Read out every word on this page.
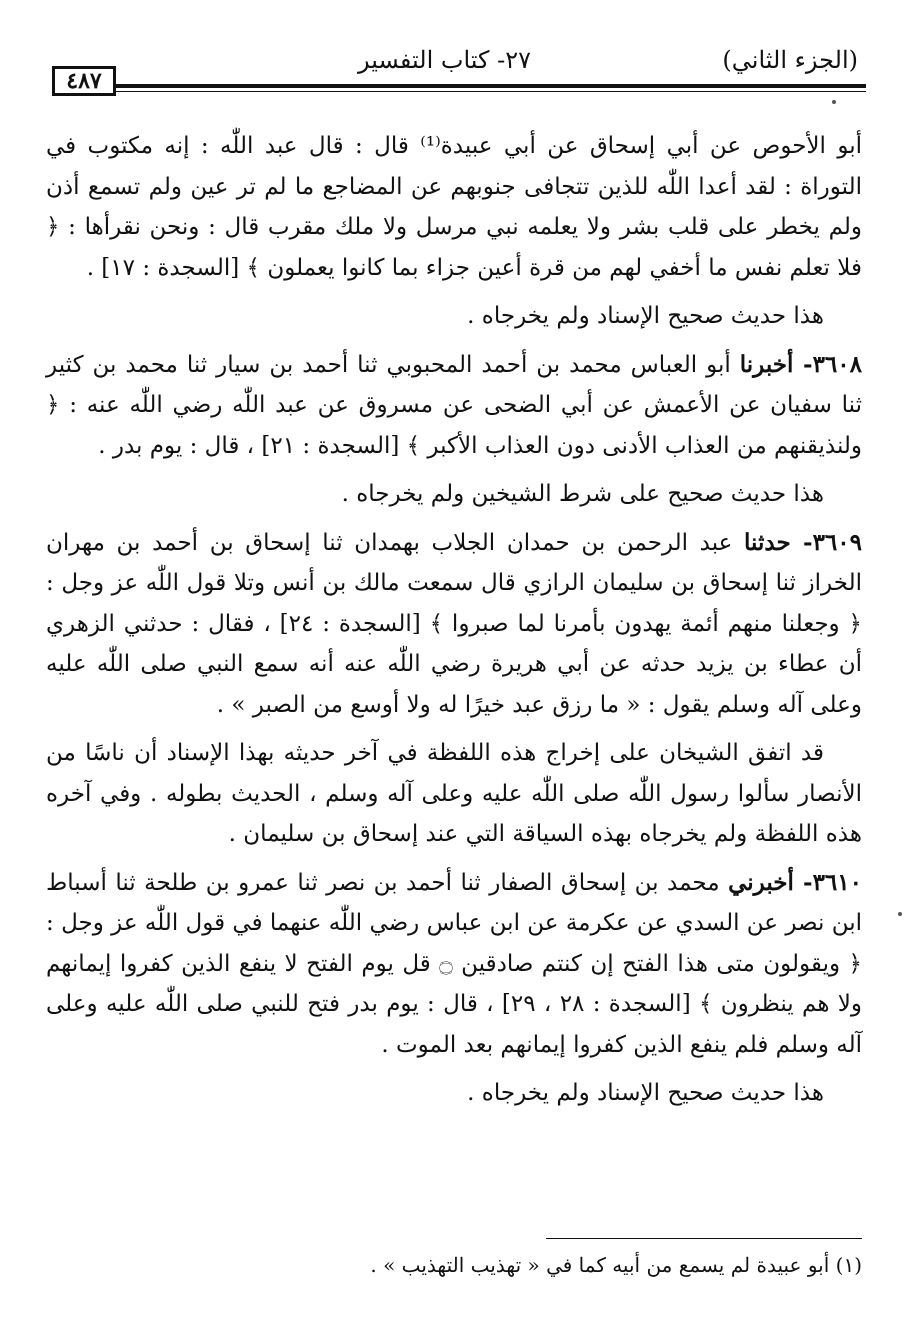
(الجزء الثاني)
٢٧- كتاب التفسير
٤٨٧

أبو الأحوص عن أبي إسحاق عن أبي عبيدة⁽¹⁾ قال : قال عبد اللّٰه : إنه مكتوب في التوراة : لقد أعدا اللّٰه للذين تتجافى جنوبهم عن المضاجع ما لم تر عين ولم تسمع أذن ولم يخطر على قلب بشر ولا يعلمه نبي مرسل ولا ملك مقرب قال : ونحن نقرأها : ﴿ فلا تعلم نفس ما أخفي لهم من قرة أعين جزاء بما كانوا يعملون ﴾ [السجدة : ١٧] .

هذا حديث صحيح الإسناد ولم يخرجاه .

٣٦٠٨- أخبرنا أبو العباس محمد بن أحمد المحبوبي ثنا أحمد بن سيار ثنا محمد بن كثير ثنا سفيان عن الأعمش عن أبي الضحى عن مسروق عن عبد اللّٰه رضي اللّٰه عنه : ﴿ ولنذيقنهم من العذاب الأدنى دون العذاب الأكبر ﴾ [السجدة : ٢١] ، قال : يوم بدر .

هذا حديث صحيح على شرط الشيخين ولم يخرجاه .

٣٦٠٩- حدثنا عبد الرحمن بن حمدان الجلاب بهمدان ثنا إسحاق بن أحمد بن مهران الخراز ثنا إسحاق بن سليمان الرازي قال سمعت مالك بن أنس وتلا قول اللّٰه عز وجل : ﴿ وجعلنا منهم أئمة يهدون بأمرنا لما صبروا ﴾ [السجدة : ٢٤] ، فقال : حدثني الزهري أن عطاء بن يزيد حدثه عن أبي هريرة رضي اللّٰه عنه أنه سمع النبي صلى اللّٰه عليه وعلى آله وسلم يقول : « ما رزق عبد خيرًا له ولا أوسع من الصبر » .

قد اتفق الشيخان على إخراج هذه اللفظة في آخر حديثه بهذا الإسناد أن ناسًا من الأنصار سألوا رسول اللّٰه صلى اللّٰه عليه وعلى آله وسلم ، الحديث بطوله . وفي آخره هذه اللفظة ولم يخرجاه بهذه السياقة التي عند إسحاق بن سليمان .

٣٦١٠- أخبرني محمد بن إسحاق الصفار ثنا أحمد بن نصر ثنا عمرو بن طلحة ثنا أسباط ابن نصر عن السدي عن عكرمة عن ابن عباس رضي اللّٰه عنهما في قول اللّٰه عز وجل : ﴿ ويقولون متى هذا الفتح إن كنتم صادقين ۝ قل يوم الفتح لا ينفع الذين كفروا إيمانهم ولا هم ينظرون ﴾ [السجدة : ٢٨ ، ٢٩] ، قال : يوم بدر فتح للنبي صلى اللّٰه عليه وعلى آله وسلم فلم ينفع الذين كفروا إيمانهم بعد الموت .

هذا حديث صحيح الإسناد ولم يخرجاه .

(١) أبو عبيدة لم يسمع من أبيه كما في « تهذيب التهذيب » .
